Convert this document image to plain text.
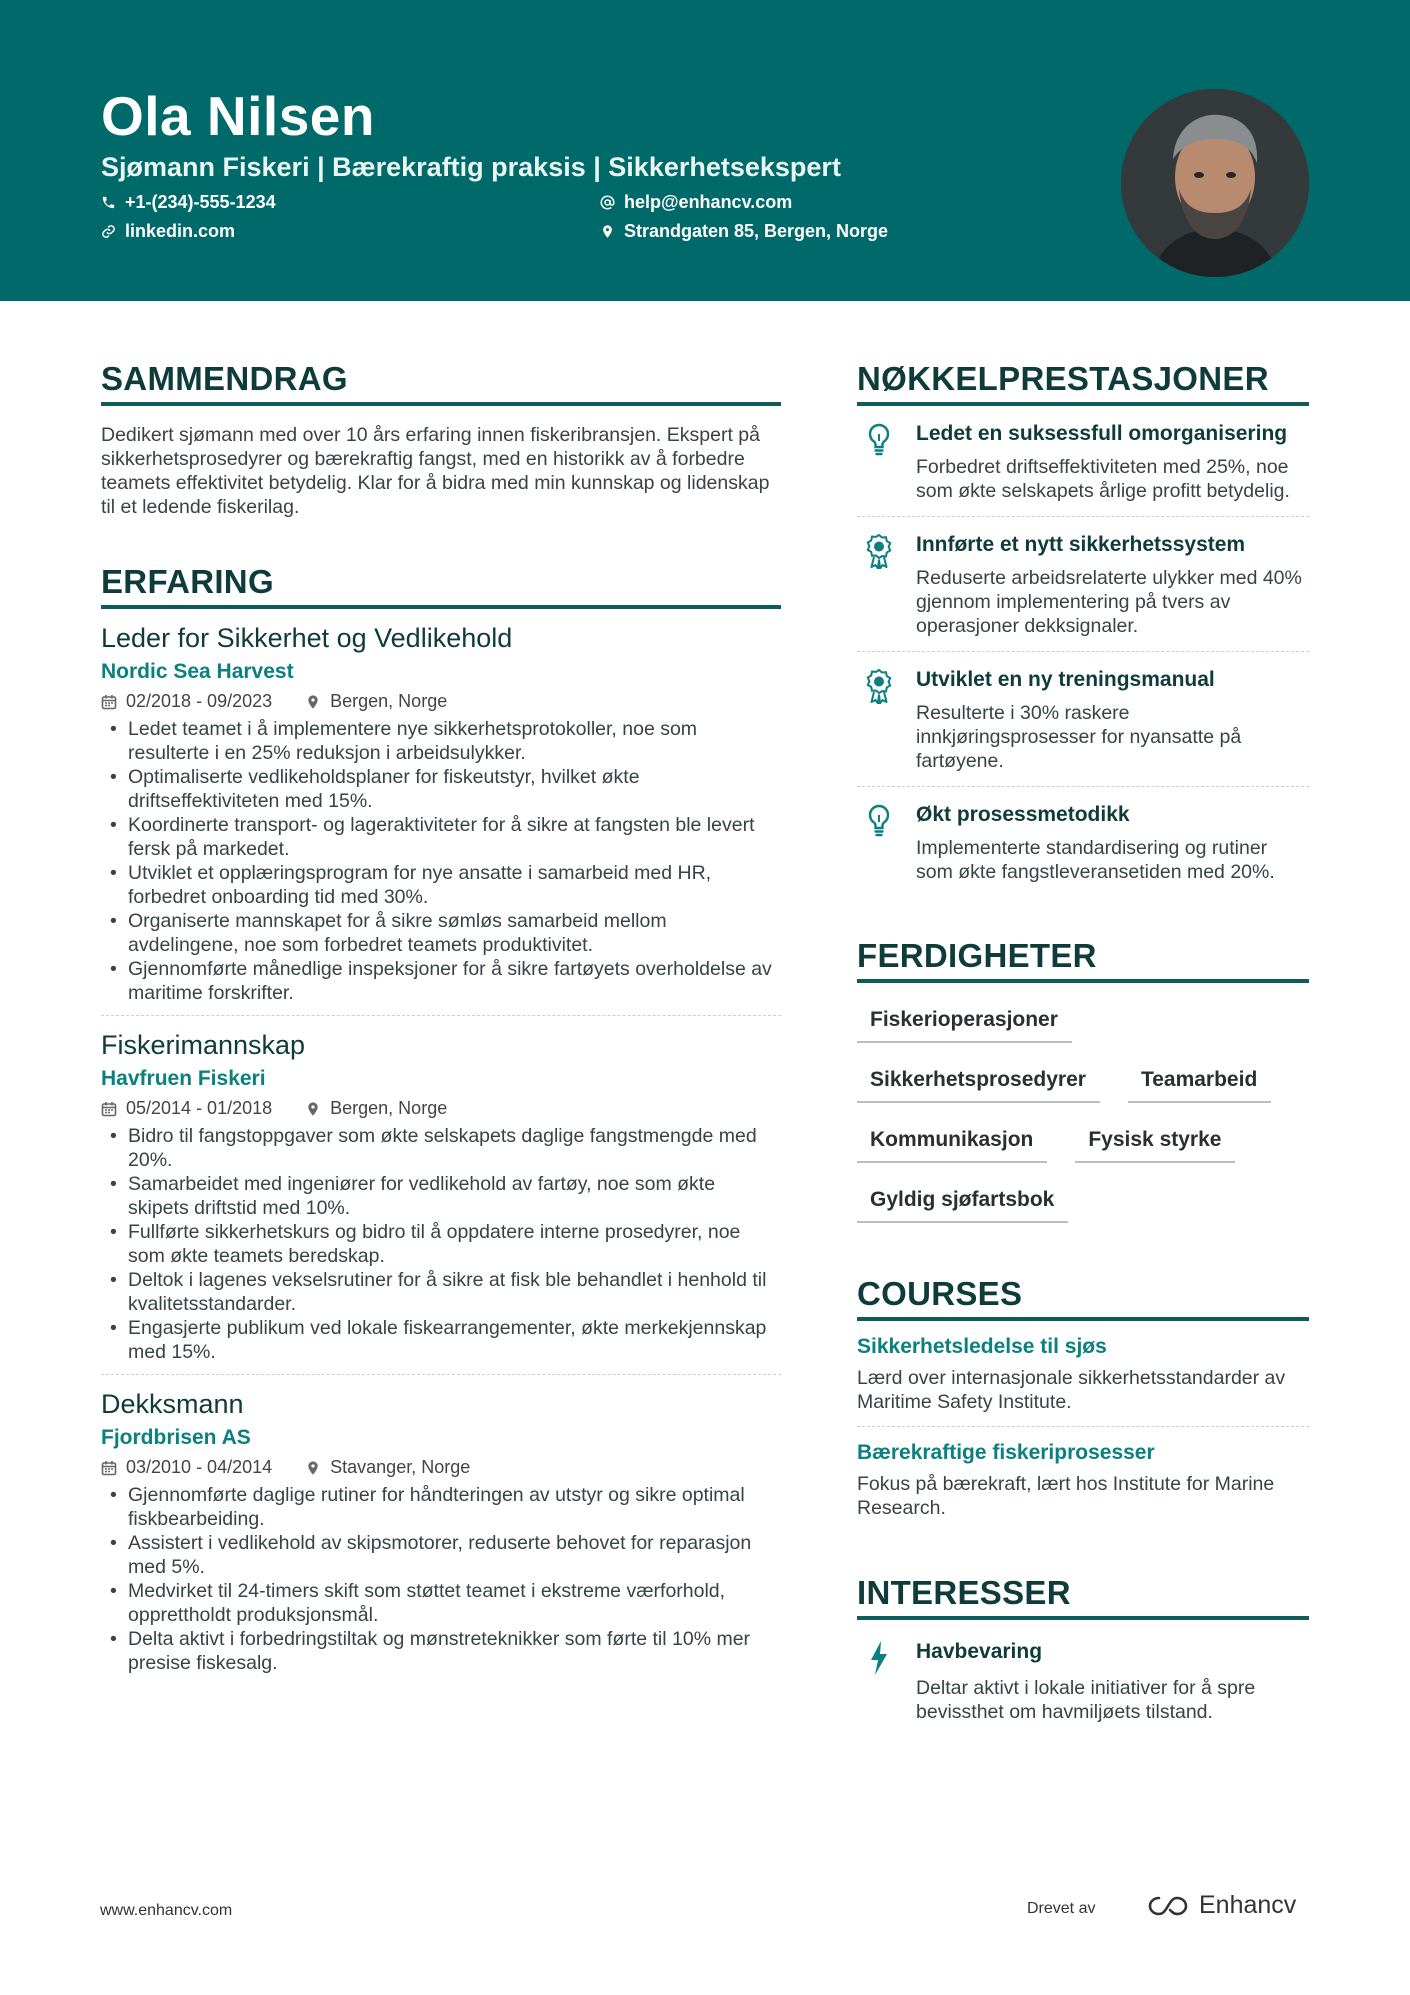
Ola Nilsen
Sjømann Fiskeri | Bærekraftig praksis | Sikkerhetsekspert
+1-(234)-555-1234	help@enhancv.com
linkedin.com	Strandgaten 85, Bergen, Norge
SAMMENDRAG

Dedikert sjømann med over 10 års erfaring innen fiskeribransjen. Ekspert på sikkerhetsprosedyrer og bærekraftig fangst, med en historikk av å forbedre teamets effektivitet betydelig. Klar for å bidra med min kunnskap og lidenskap til et ledende fiskerilag.

ERFARING
Leder for Sikkerhet og Vedlikehold
Nordic Sea Harvest
02/2018 - 09/2023	Bergen, Norge
• Ledet teamet i å implementere nye sikkerhetsprotokoller, noe som resulterte i en 25% reduksjon i arbeidsulykker.
• Optimaliserte vedlikeholdsplaner for fiskeutstyr, hvilket økte driftseffektiviteten med 15%.
• Koordinerte transport- og lageraktiviteter for å sikre at fangsten ble levert fersk på markedet.
• Utviklet et opplæringsprogram for nye ansatte i samarbeid med HR, forbedret onboarding tid med 30%.
• Organiserte mannskapet for å sikre sømløs samarbeid mellom avdelingene, noe som forbedret teamets produktivitet.
• Gjennomførte månedlige inspeksjoner for å sikre fartøyets overholdelse av maritime forskrifter.
Fiskerimannskap
Havfruen Fiskeri
05/2014 - 01/2018	Bergen, Norge
• Bidro til fangstoppgaver som økte selskapets daglige fangstmengde med 20%.
• Samarbeidet med ingeniører for vedlikehold av fartøy, noe som økte skipets driftstid med 10%.
• Fullførte sikkerhetskurs og bidro til å oppdatere interne prosedyrer, noe som økte teamets beredskap.
• Deltok i lagenes vekselsrutiner for å sikre at fisk ble behandlet i henhold til kvalitetsstandarder.
• Engasjerte publikum ved lokale fiskearrangementer, økte merkekjennskap med 15%.
Dekksmann
Fjordbrisen AS
03/2010 - 04/2014	Stavanger, Norge
• Gjennomførte daglige rutiner for håndteringen av utstyr og sikre optimal fiskbearbeiding.
• Assistert i vedlikehold av skipsmotorer, reduserte behovet for reparasjon med 5%.
• Medvirket til 24-timers skift som støttet teamet i ekstreme værforhold, opprettholdt produksjonsmål.
• Delta aktivt i forbedringstiltak og mønstreteknikker som førte til 10% mer presise fiskesalg.
NØKKELPRESTASJONER
Ledet en suksessfull omorganisering
Forbedret driftseffektiviteten med 25%, noe som økte selskapets årlige profitt betydelig.
Innførte et nytt sikkerhetssystem
Reduserte arbeidsrelaterte ulykker med 40% gjennom implementering på tvers av operasjoner dekksignaler.
Utviklet en ny treningsmanual
Resulterte i 30% raskere innkjøringsprosesser for nyansatte på fartøyene.
Økt prosessmetodikk
Implementerte standardisering og rutiner som økte fangstleveransetiden med 20%.
FERDIGHETER
Fiskerioperasjoner
Sikkerhetsprosedyrer	Teamarbeid
Kommunikasjon	Fysisk styrke
Gyldig sjøfartsbok
COURSES
Sikkerhetsledelse til sjøs
Lærd over internasjonale sikkerhetsstandarder av Maritime Safety Institute.
Bærekraftige fiskeriprosesser
Fokus på bærekraft, lært hos Institute for Marine Research.
INTERESSER
Havbevaring
Deltar aktivt i lokale initiativer for å spre bevissthet om havmiljøets tilstand.
www.enhancv.com	Drevet av	Enhancv
